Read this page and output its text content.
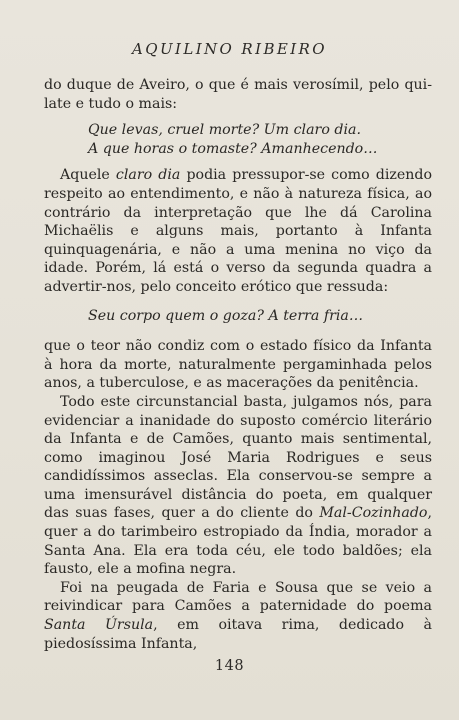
AQUILINO RIBEIRO

do duque de Aveiro, o que é mais verosímil, pelo qui-late e tudo o mais:

Que levas, cruel morte? Um claro dia.
A que horas o tomaste? Amanhecendo…

Aquele claro dia podia pressupor-se como dizendo respeito ao entendimento, e não à natureza física, ao contrário da interpretação que lhe dá Carolina Michaëlis e alguns mais, portanto à Infanta quinquagenária, e não a uma menina no viço da idade. Porém, lá está o verso da segunda quadra a advertir-nos, pelo conceito erótico que ressuda:

Seu corpo quem o goza? A terra fria…

que o teor não condiz com o estado físico da Infanta à hora da morte, naturalmente pergaminhada pelos anos, a tuberculose, e as macerações da penitência.

Todo este circunstancial basta, julgamos nós, para evidenciar a inanidade do suposto comércio literário da Infanta e de Camões, quanto mais sentimental, como imaginou José Maria Rodrigues e seus candidíssimos asseclas. Ela conservou-se sempre a uma imensurável distância do poeta, em qualquer das suas fases, quer a do cliente do Mal-Cozinhado, quer a do tarimbeiro estropiado da Índia, morador a Santa Ana. Ela era toda céu, ele todo baldões; ela fausto, ele a mofina negra.

Foi na peugada de Faria e Sousa que se veio a reivindicar para Camões a paternidade do poema Santa Úrsula, em oitava rima, dedicado à piedosíssima Infanta,

148
